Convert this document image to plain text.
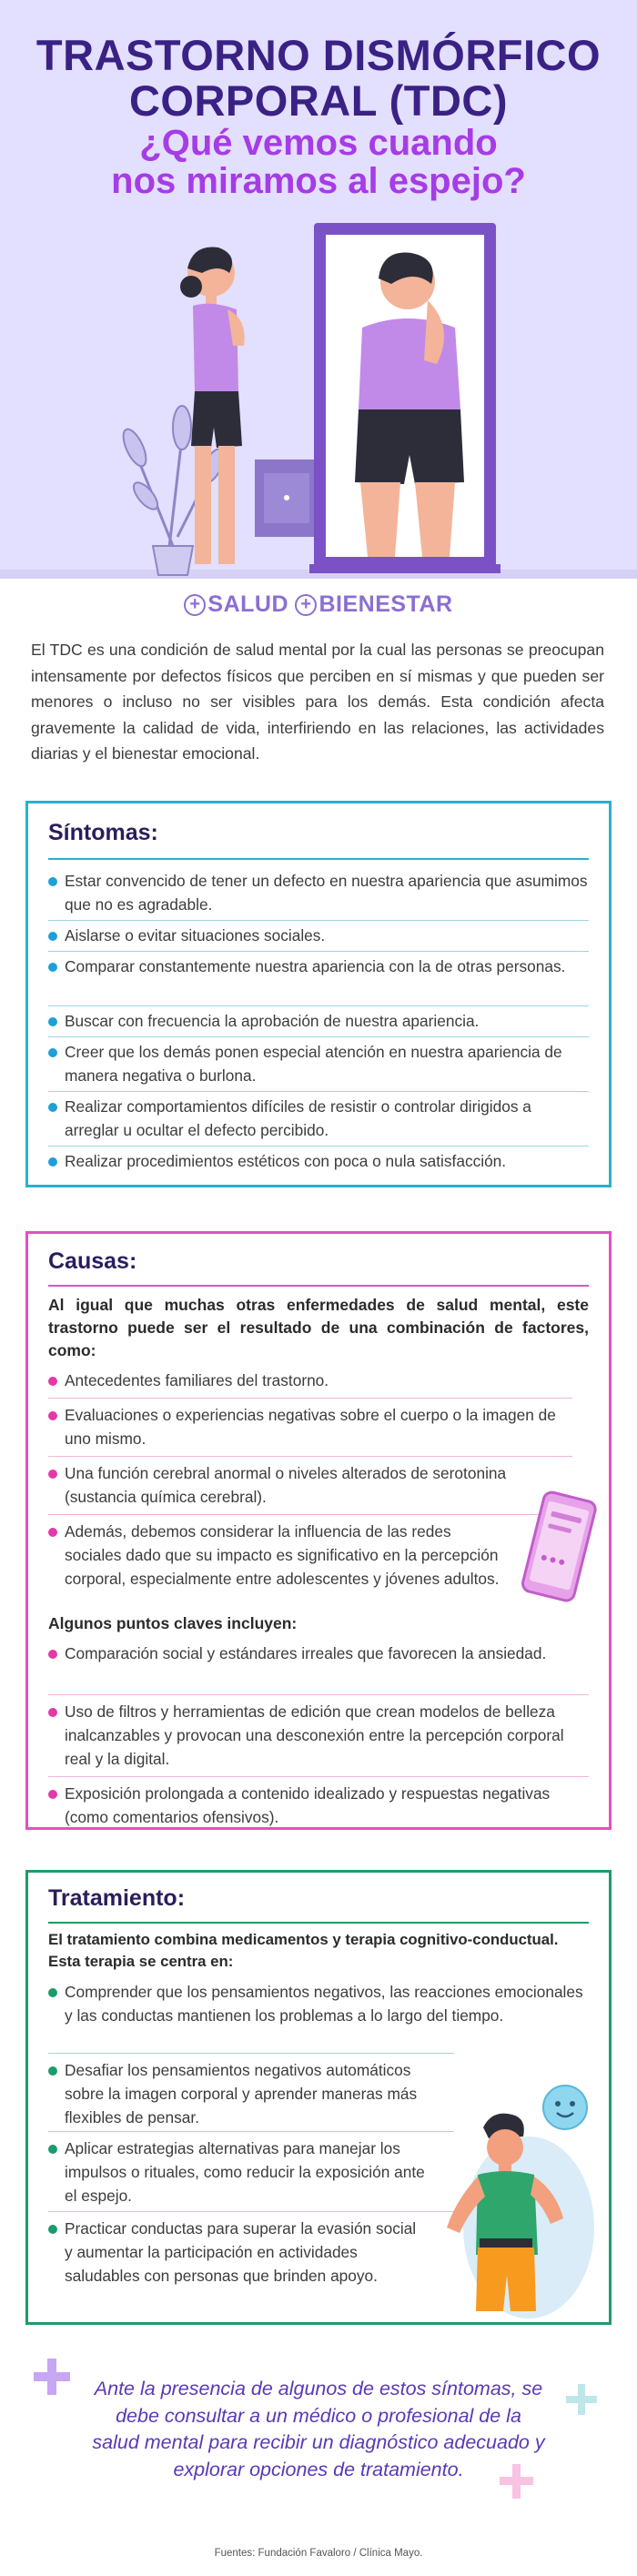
TRASTORNO DISMÓRFICO
CORPORAL (TDC)
¿Qué vemos cuando
nos miramos al espejo?
+ SALUD + BIENESTAR
El TDC es una condición de salud mental por la cual las personas se preocupan intensamente por defectos físicos que perciben en sí mismas y que pueden ser menores o incluso no ser visibles para los demás. Esta condición afecta gravemente la calidad de vida, interfiriendo en las relaciones, las actividades diarias y el bienestar emocional.
Síntomas:
Estar convencido de tener un defecto en nuestra apariencia que asumimos que no es agradable.
Aislarse o evitar situaciones sociales.
Comparar constantemente nuestra apariencia con la de otras personas.
Buscar con frecuencia la aprobación de nuestra apariencia.
Creer que los demás ponen especial atención en nuestra apariencia de manera negativa o burlona.
Realizar comportamientos difíciles de resistir o controlar dirigidos a arreglar u ocultar el defecto percibido.
Realizar procedimientos estéticos con poca o nula satisfacción.
Causas:
Al igual que muchas otras enfermedades de salud mental, este trastorno puede ser el resultado de una combinación de factores, como:
Antecedentes familiares del trastorno.
Evaluaciones o experiencias negativas sobre el cuerpo o la imagen de uno mismo.
Una función cerebral anormal o niveles alterados de serotonina (sustancia química cerebral).
Además, debemos considerar la influencia de las redes sociales dado que su impacto es significativo en la percepción corporal, especialmente entre adolescentes y jóvenes adultos.
Algunos puntos claves incluyen:
Comparación social y estándares irreales que favorecen la ansiedad.
Uso de filtros y herramientas de edición que crean modelos de belleza inalcanzables y provocan una desconexión entre la percepción corporal real y la digital.
Exposición prolongada a contenido idealizado y respuestas negativas (como comentarios ofensivos).
Tratamiento:
El tratamiento combina medicamentos y terapia cognitivo-conductual. Esta terapia se centra en:
Comprender que los pensamientos negativos, las reacciones emocionales y las conductas mantienen los problemas a lo largo del tiempo.
Desafiar los pensamientos negativos automáticos sobre la imagen corporal y aprender maneras más flexibles de pensar.
Aplicar estrategias alternativas para manejar los impulsos o rituales, como reducir la exposición ante el espejo.
Practicar conductas para superar la evasión social y aumentar la participación en actividades saludables con personas que brinden apoyo.
Ante la presencia de algunos de estos síntomas, se debe consultar a un médico o profesional de la salud mental para recibir un diagnóstico adecuado y explorar opciones de tratamiento.
Fuentes: Fundación Favaloro / Clínica Mayo.
